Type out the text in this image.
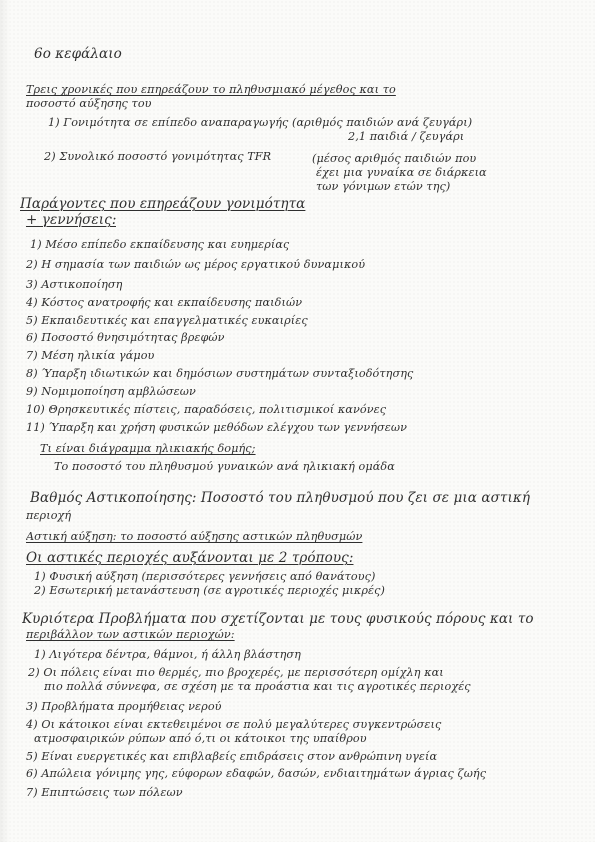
6ο κεφάλαιο
Τρεις χρονικές που επηρεάζουν το πληθυσμιακό μέγεθος και το
ποσοστό αύξησης του
1) Γονιμότητα σε επίπεδο αναπαραγωγής (αριθμός παιδιών ανά ζευγάρι)
2,1 παιδιά / ζευγάρι
2) Συνολικό ποσοστό γονιμότητας TFR	(μέσος αριθμός παιδιών που
έχει μια γυναίκα σε διάρκεια
των γόνιμων ετών της)
Παράγοντες που επηρεάζουν γονιμότητα
+ γεννήσεις:
1) Μέσο επίπεδο εκπαίδευσης και ευημερίας
2) Η σημασία των παιδιών ως μέρος εργατικού δυναμικού
3) Αστικοποίηση
4) Κόστος ανατροφής και εκπαίδευσης παιδιών
5) Εκπαιδευτικές και επαγγελματικές ευκαιρίες
6) Ποσοστό θνησιμότητας βρεφών
7) Μέση ηλικία γάμου
8) Ύπαρξη ιδιωτικών και δημόσιων συστημάτων συνταξιοδότησης
9) Νομιμοποίηση αμβλώσεων
10) Θρησκευτικές πίστεις, παραδόσεις, πολιτισμικοί κανόνες
11) Ύπαρξη και χρήση φυσικών μεθόδων ελέγχου των γεννήσεων
Τι είναι διάγραμμα ηλικιακής δομής;
Το ποσοστό του πληθυσμού γυναικών ανά ηλικιακή ομάδα
Βαθμός Αστικοποίησης: Ποσοστό του πληθυσμού που ζει σε μια αστική
περιοχή
Αστική αύξηση: το ποσοστό αύξησης αστικών πληθυσμών
Οι αστικές περιοχές αυξάνονται με 2 τρόπους:
1) Φυσική αύξηση (περισσότερες γεννήσεις από θανάτους)
2) Εσωτερική μετανάστευση (σε αγροτικές περιοχές μικρές)
Κυριότερα Προβλήματα που σχετίζονται με τους φυσικούς πόρους και το
περιβάλλον των αστικών περιοχών:
1) Λιγότερα δέντρα, θάμνοι, ή άλλη βλάστηση
2) Οι πόλεις είναι πιο θερμές, πιο βροχερές, με περισσότερη ομίχλη και
πιο πολλά σύννεφα, σε σχέση με τα προάστια και τις αγροτικές περιοχές
3) Προβλήματα προμήθειας νερού
4) Οι κάτοικοι είναι εκτεθειμένοι σε πολύ μεγαλύτερες συγκεντρώσεις
ατμοσφαιρικών ρύπων από ό,τι οι κάτοικοι της υπαίθρου
5) Είναι ευεργετικές και επιβλαβείς επιδράσεις στον ανθρώπινη υγεία
6) Απώλεια γόνιμης γης, εύφορων εδαφών, δασών, ενδιαιτημάτων άγριας ζωής
7) Επιπτώσεις των πόλεων
